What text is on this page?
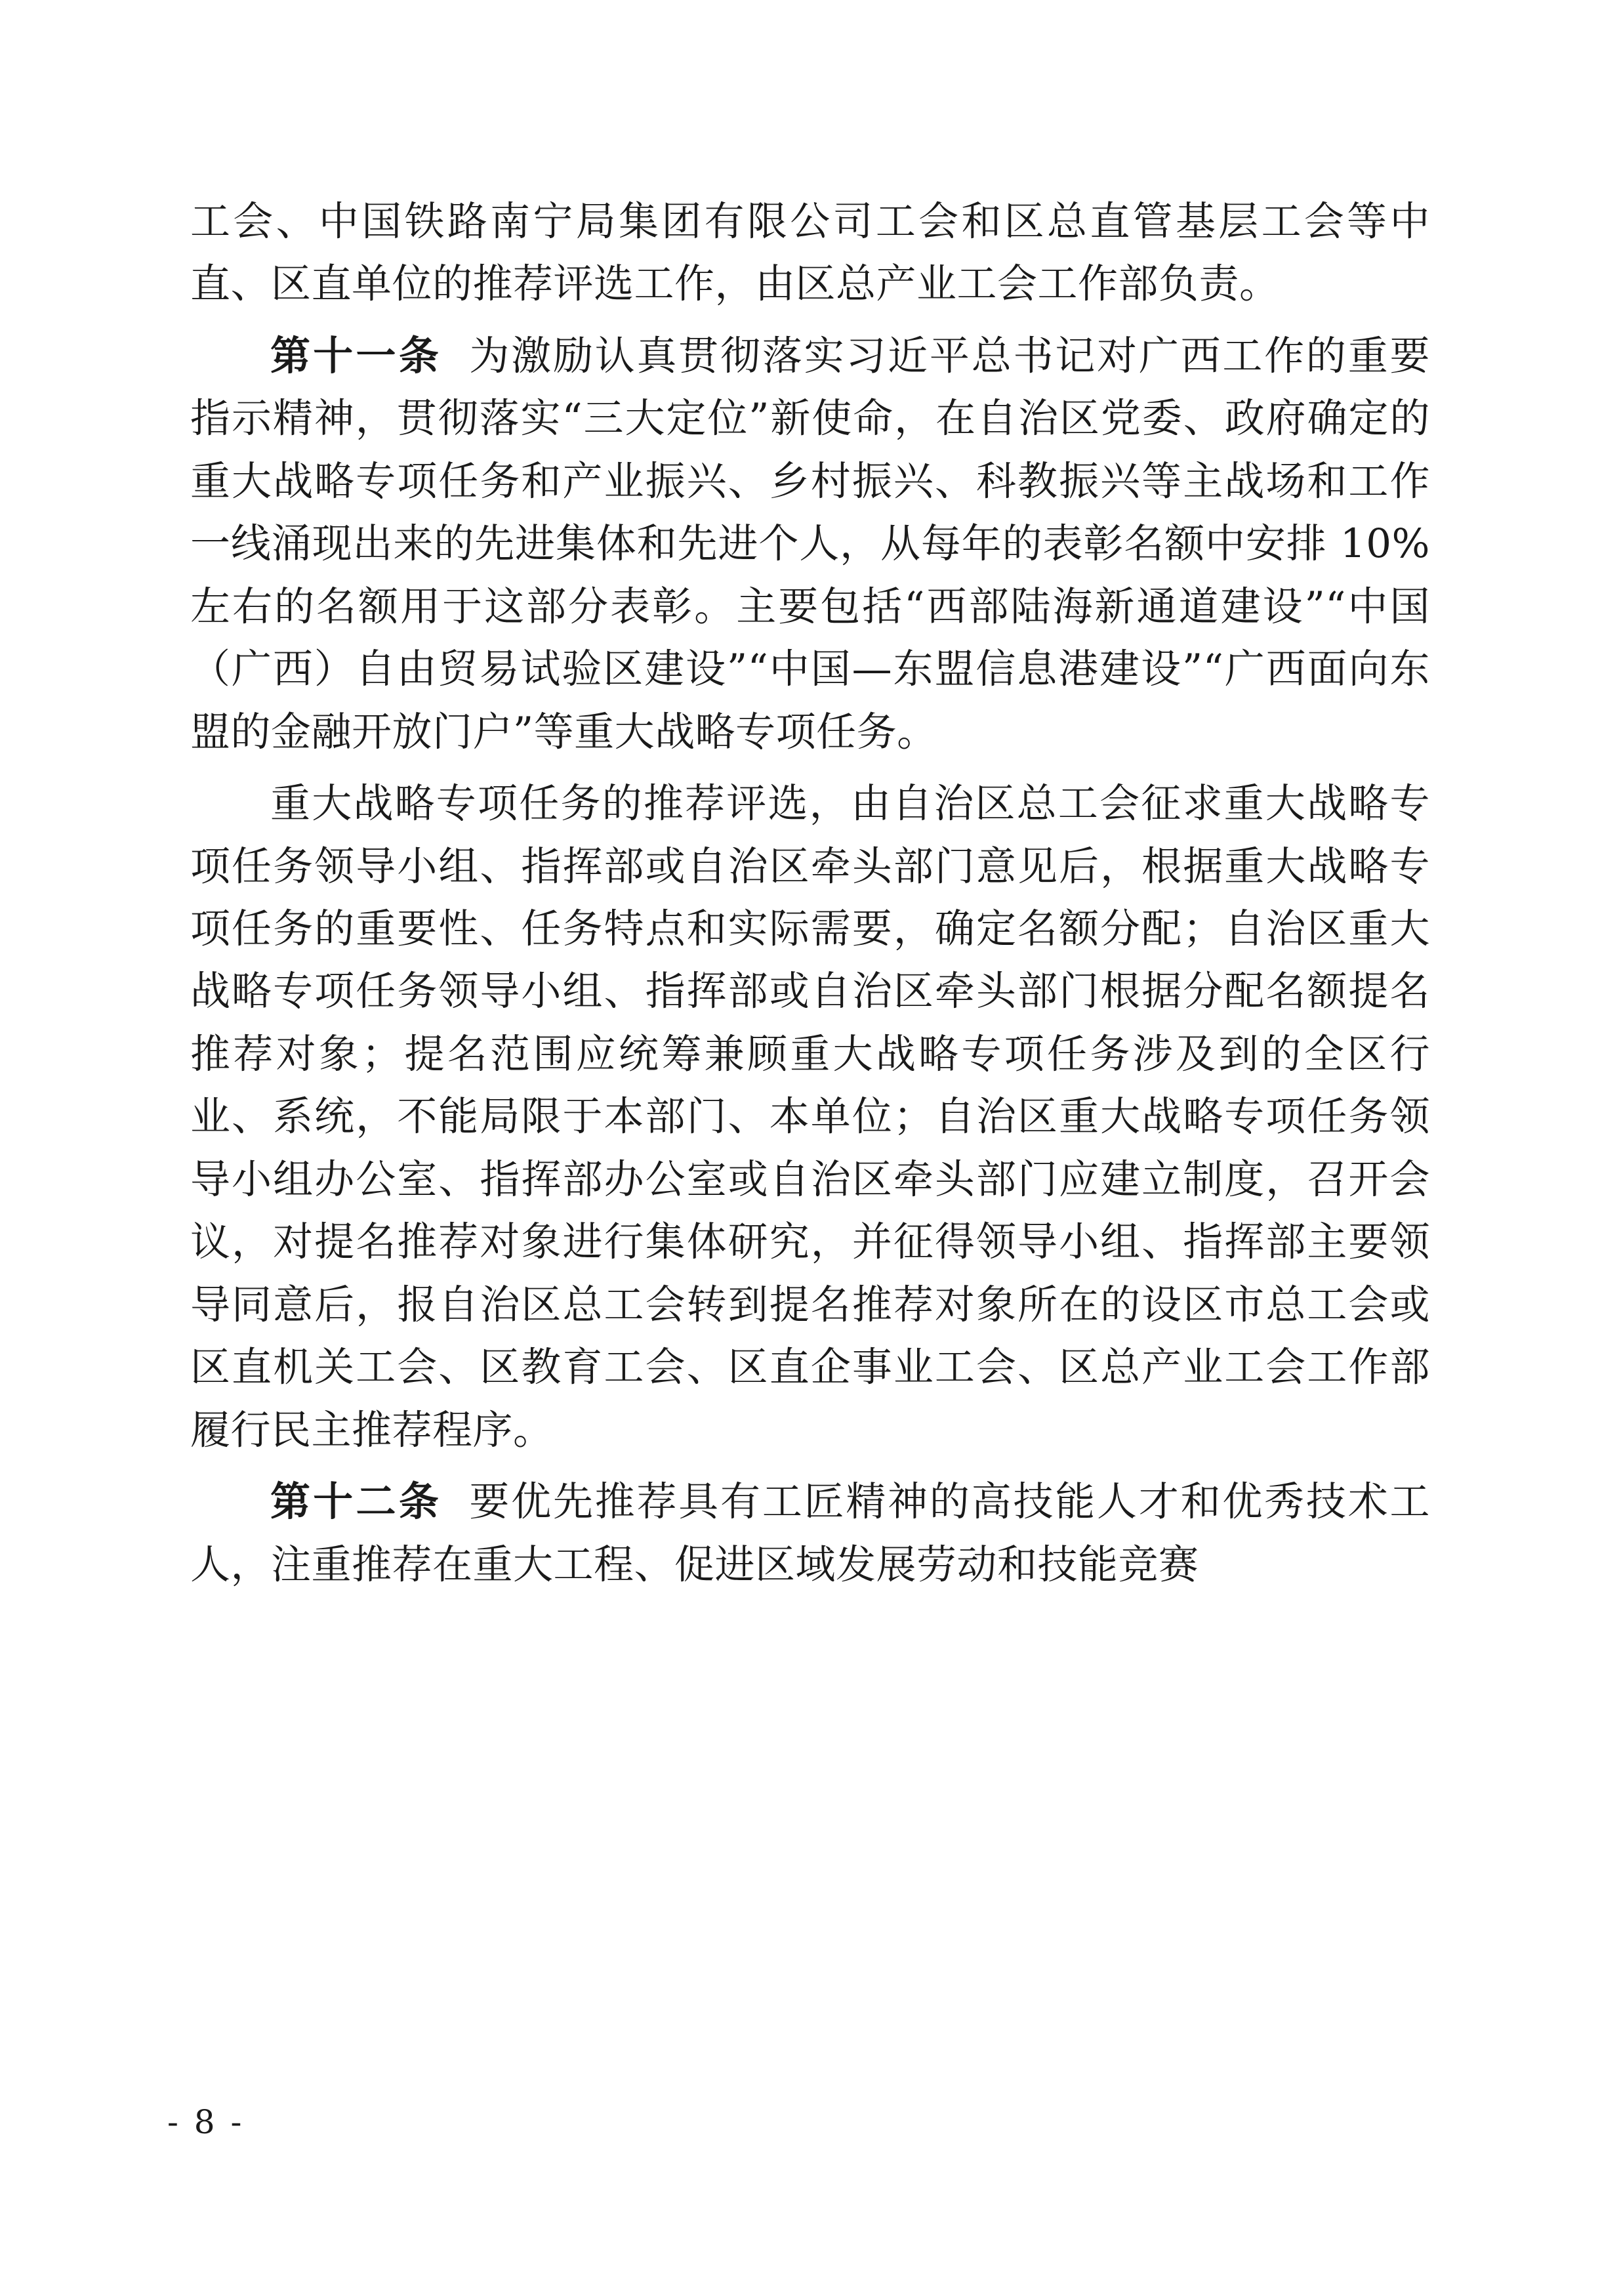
工会、中国铁路南宁局集团有限公司工会和区总直管基层工会等中直、区直单位的推荐评选工作，由区总产业工会工作部负责。

第十一条 为激励认真贯彻落实习近平总书记对广西工作的重要指示精神，贯彻落实“三大定位”新使命，在自治区党委、政府确定的重大战略专项任务和产业振兴、乡村振兴、科教振兴等主战场和工作一线涌现出来的先进集体和先进个人，从每年的表彰名额中安排 10%左右的名额用于这部分表彰。主要包括“西部陆海新通道建设”“中国（广西）自由贸易试验区建设”“中国—东盟信息港建设”“广西面向东盟的金融开放门户”等重大战略专项任务。

重大战略专项任务的推荐评选，由自治区总工会征求重大战略专项任务领导小组、指挥部或自治区牵头部门意见后，根据重大战略专项任务的重要性、任务特点和实际需要，确定名额分配；自治区重大战略专项任务领导小组、指挥部或自治区牵头部门根据分配名额提名推荐对象；提名范围应统筹兼顾重大战略专项任务涉及到的全区行业、系统，不能局限于本部门、本单位；自治区重大战略专项任务领导小组办公室、指挥部办公室或自治区牵头部门应建立制度，召开会议，对提名推荐对象进行集体研究，并征得领导小组、指挥部主要领导同意后，报自治区总工会转到提名推荐对象所在的设区市总工会或区直机关工会、区教育工会、区直企事业工会、区总产业工会工作部履行民主推荐程序。

第十二条 要优先推荐具有工匠精神的高技能人才和优秀技术工人，注重推荐在重大工程、促进区域发展劳动和技能竞赛

- 8 -
